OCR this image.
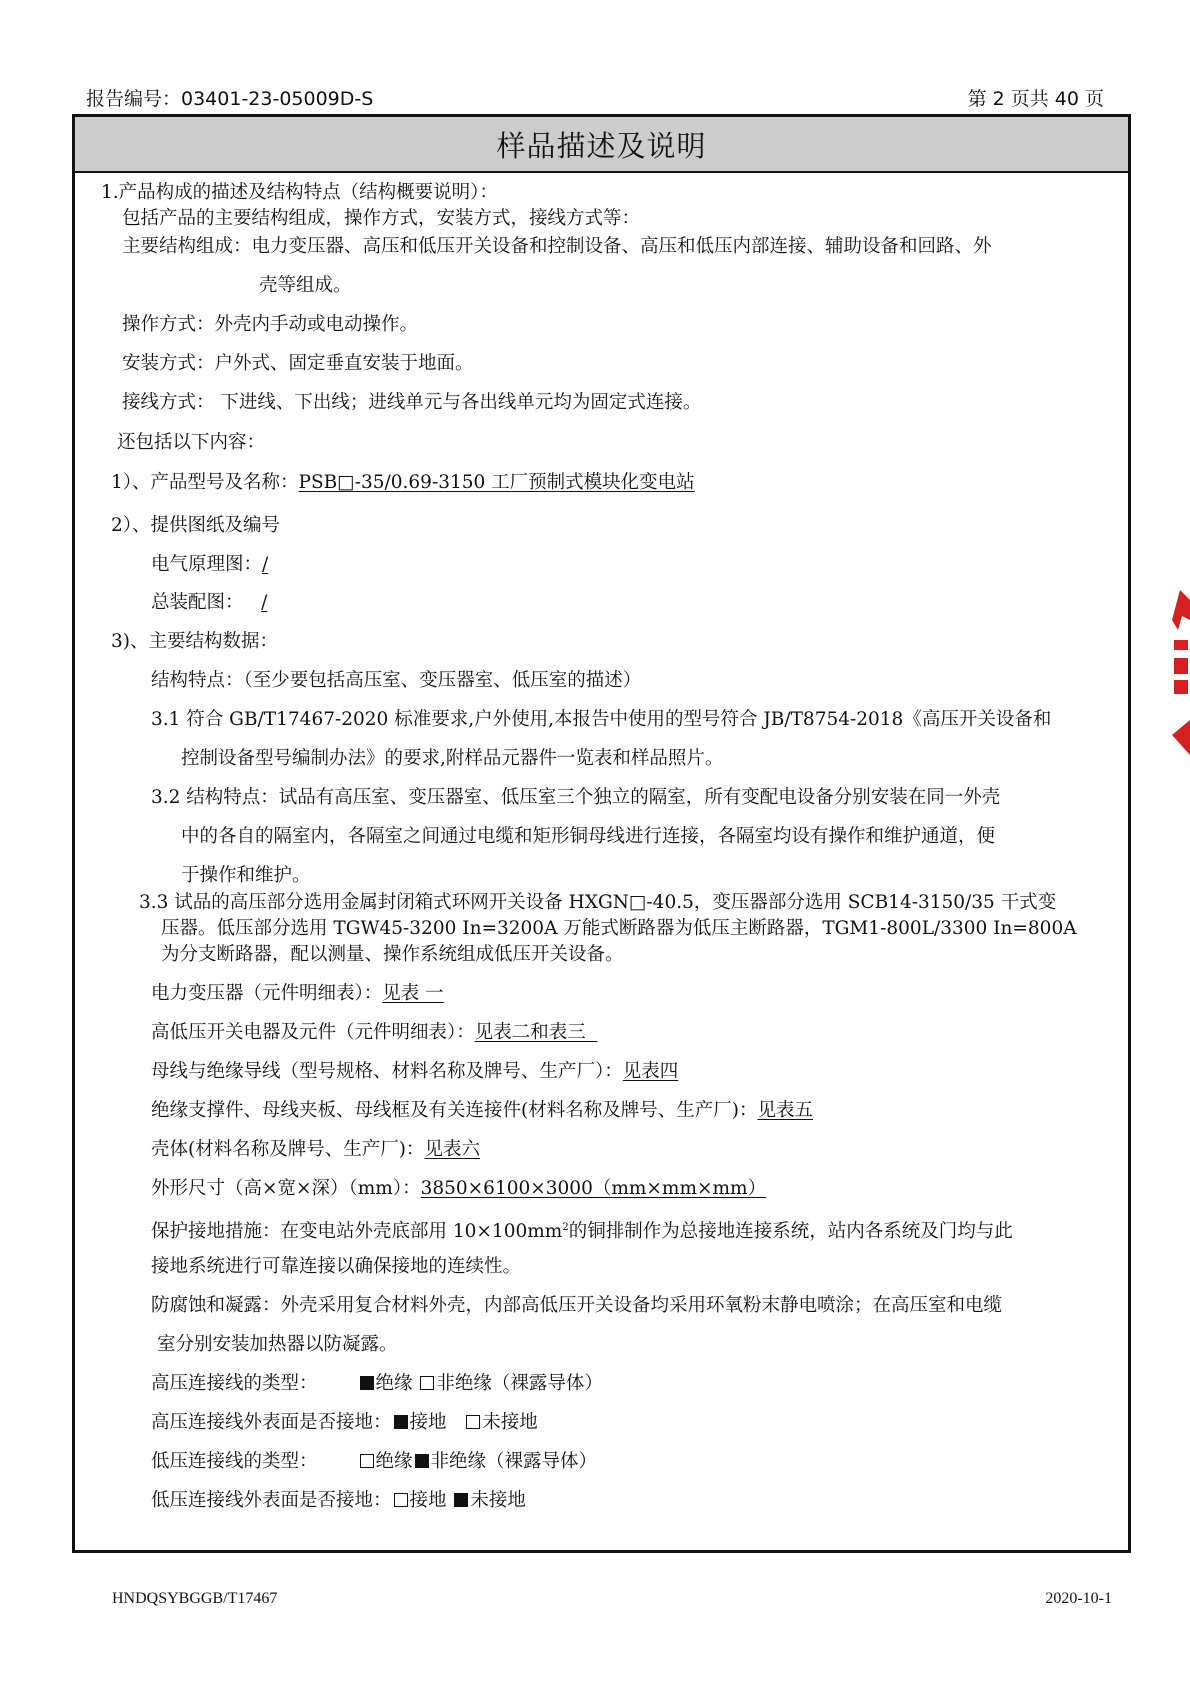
报告编号：03401-23-05009D-S	第 2 页共 40 页
样品描述及说明
1.产品构成的描述及结构特点（结构概要说明）：
包括产品的主要结构组成，操作方式，安装方式，接线方式等：
主要结构组成：电力变压器、高压和低压开关设备和控制设备、高压和低压内部连接、辅助设备和回路、外
壳等组成。
操作方式：外壳内手动或电动操作。
安装方式：户外式、固定垂直安装于地面。
接线方式： 下进线、下出线；进线单元与各出线单元均为固定式连接。
还包括以下内容：
1）、产品型号及名称：PSB□-35/0.69-3150 工厂预制式模块化变电站
2）、提供图纸及编号
电气原理图：/
总装配图： /
3)、主要结构数据：
结构特点：（至少要包括高压室、变压器室、低压室的描述）
3.1 符合 GB/T17467-2020 标准要求,户外使用,本报告中使用的型号符合 JB/T8754-2018《高压开关设备和
控制设备型号编制办法》的要求,附样品元器件一览表和样品照片。
3.2 结构特点：试品有高压室、变压器室、低压室三个独立的隔室，所有变配电设备分别安装在同一外壳
中的各自的隔室内，各隔室之间通过电缆和矩形铜母线进行连接，各隔室均设有操作和维护通道，便
于操作和维护。
3.3 试品的高压部分选用金属封闭箱式环网开关设备 HXGN□-40.5，变压器部分选用 SCB14-3150/35 干式变
压器。低压部分选用 TGW45-3200 In=3200A 万能式断路器为低压主断路器，TGM1-800L/3300 In=800A
为分支断路器，配以测量、操作系统组成低压开关设备。
电力变压器（元件明细表）：见表 一
高低压开关电器及元件（元件明细表）：见表二和表三
母线与绝缘导线（型号规格、材料名称及牌号、生产厂）：见表四
绝缘支撑件、母线夹板、母线框及有关连接件(材料名称及牌号、生产厂)：见表五
壳体(材料名称及牌号、生产厂)：见表六
外形尺寸（高×宽×深）（mm）：3850×6100×3000（mm×mm×mm）
保护接地措施：在变电站外壳底部用 $10\times 100mm^2$的铜排制作为总接地连接系统，站内各系统及门均与此
接地系统进行可靠连接以确保接地的连续性。
防腐蚀和凝露：外壳采用复合材料外壳，内部高低压开关设备均采用环氧粉末静电喷涂；在高压室和电缆
室分别安装加热器以防凝露。
高压连接线的类型：	绝缘 非绝缘（裸露导体）
高压连接线外表面是否接地： 接地 未接地
低压连接线的类型：	绝缘 非绝缘（裸露导体）
低压连接线外表面是否接地： 接地 未接地
HNDQSYBGGB/T17467	2020-10-1
